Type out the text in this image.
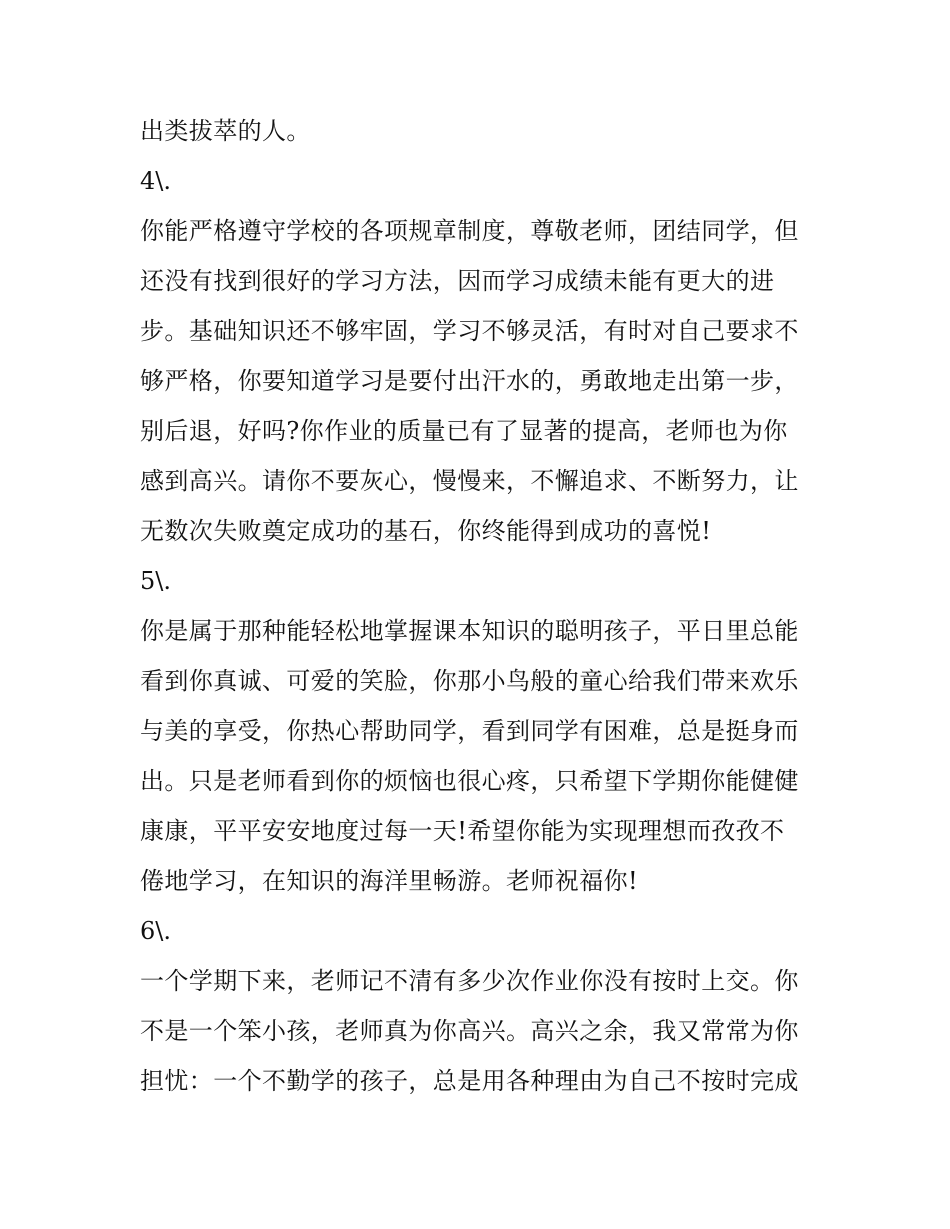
出类拔萃的人。
4\.
你能严格遵守学校的各项规章制度，尊敬老师，团结同学，但
还没有找到很好的学习方法，因而学习成绩未能有更大的进
步。基础知识还不够牢固，学习不够灵活，有时对自己要求不
够严格，你要知道学习是要付出汗水的，勇敢地走出第一步，
别后退，好吗?你作业的质量已有了显著的提高，老师也为你
感到高兴。请你不要灰心，慢慢来，不懈追求、不断努力，让
无数次失败奠定成功的基石，你终能得到成功的喜悦!
5\.
你是属于那种能轻松地掌握课本知识的聪明孩子，平日里总能
看到你真诚、可爱的笑脸，你那小鸟般的童心给我们带来欢乐
与美的享受，你热心帮助同学，看到同学有困难，总是挺身而
出。只是老师看到你的烦恼也很心疼，只希望下学期你能健健
康康，平平安安地度过每一天!希望你能为实现理想而孜孜不
倦地学习，在知识的海洋里畅游。老师祝福你!
6\.
一个学期下来，老师记不清有多少次作业你没有按时上交。你
不是一个笨小孩，老师真为你高兴。高兴之余，我又常常为你
担忧：一个不勤学的孩子，总是用各种理由为自己不按时完成
